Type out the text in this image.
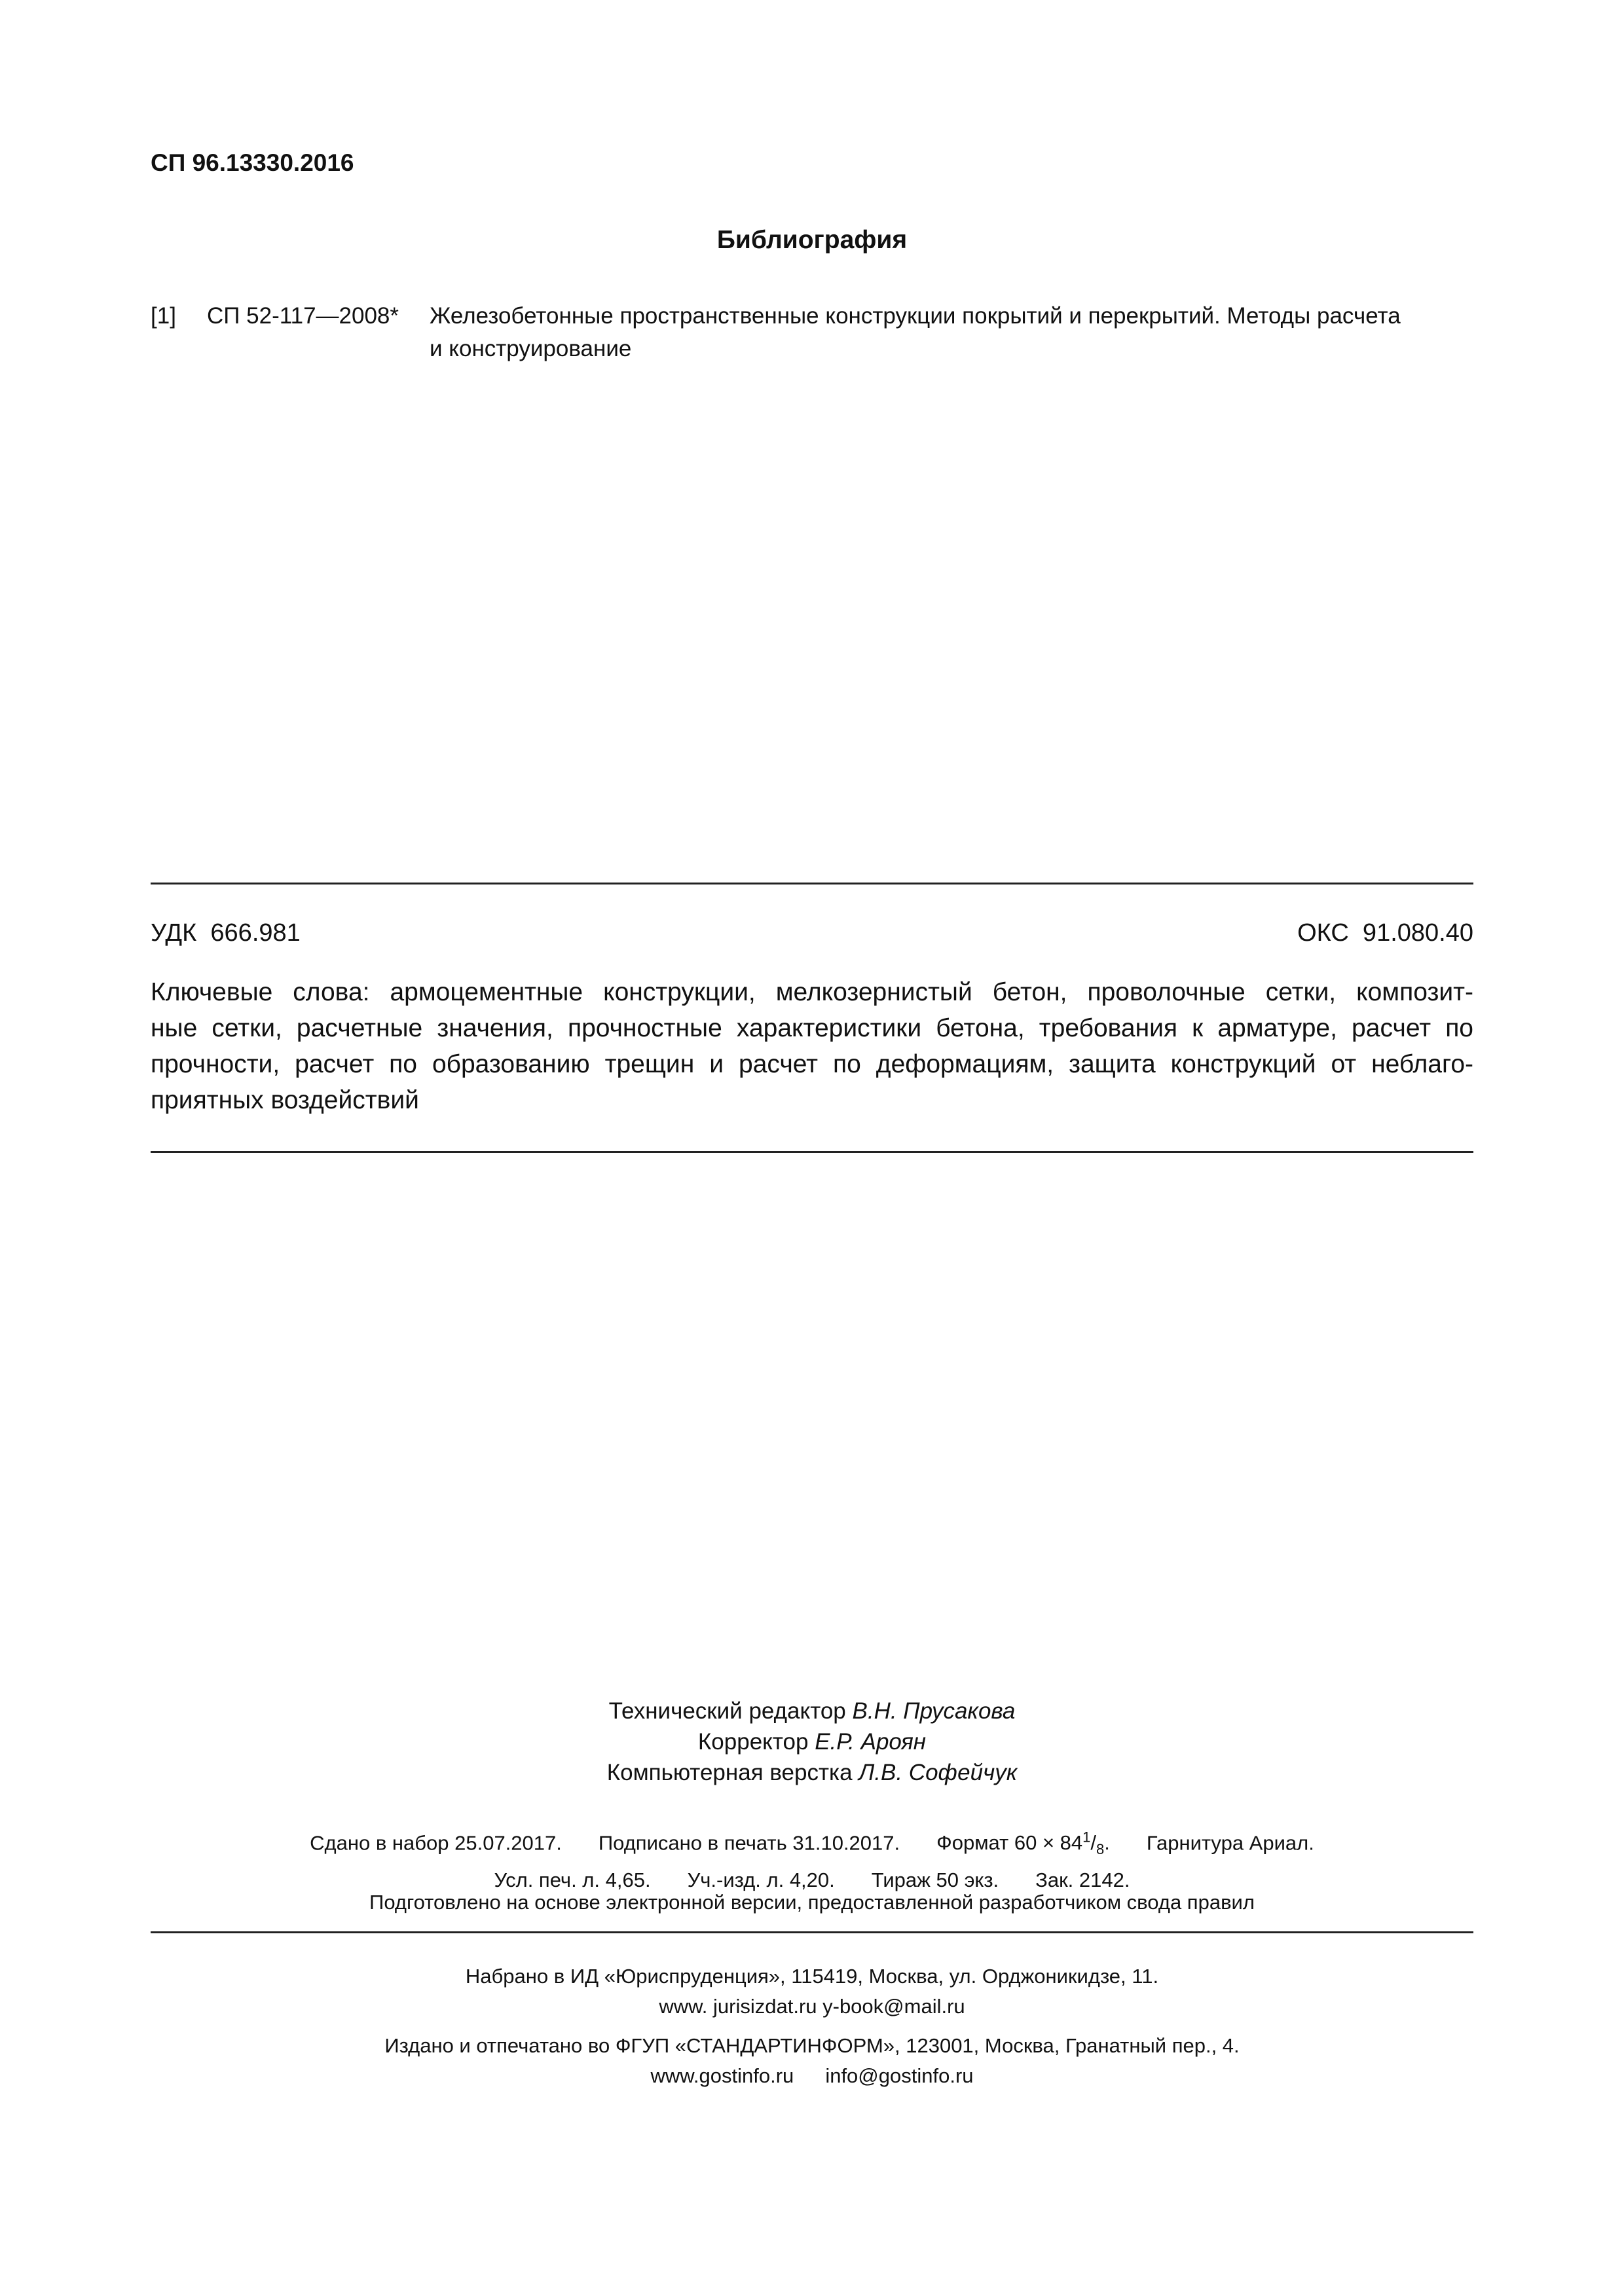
СП 96.13330.2016
Библиография
[1] СП 52-117—2008* Железобетонные пространственные конструкции покрытий и перекрытий. Методы расчета
и конструирование
УДК  666.981	ОКС  91.080.40
Ключевые слова: армоцементные конструкции, мелкозернистый бетон, проволочные сетки, композит-
ные сетки, расчетные значения, прочностные характеристики бетона, требования к арматуре, расчет по
прочности, расчет по образованию трещин и расчет по деформациям, защита конструкций от неблаго-
приятных воздействий
Технический редактор В.Н. Прусакова
Корректор Е.Р. Ароян
Компьютерная верстка Л.В. Софейчук
Сдано в набор 25.07.2017. Подписано в печать 31.10.2017. Формат $60 \times 84^1/_8$. Гарнитура Ариал.
Усл. печ. л. 4,65. Уч.-изд. л. 4,20. Тираж 50 экз. Зак. 2142.
Подготовлено на основе электронной версии, предоставленной разработчиком свода правил
Набрано в ИД «Юриспруденция», 115419, Москва, ул. Орджоникидзе, 11.
www. jurisizdat.ru y-book@mail.ru
Издано и отпечатано во ФГУП «СТАНДАРТИНФОРМ», 123001, Москва, Гранатный пер., 4.
www.gostinfo.ru info@gostinfo.ru
